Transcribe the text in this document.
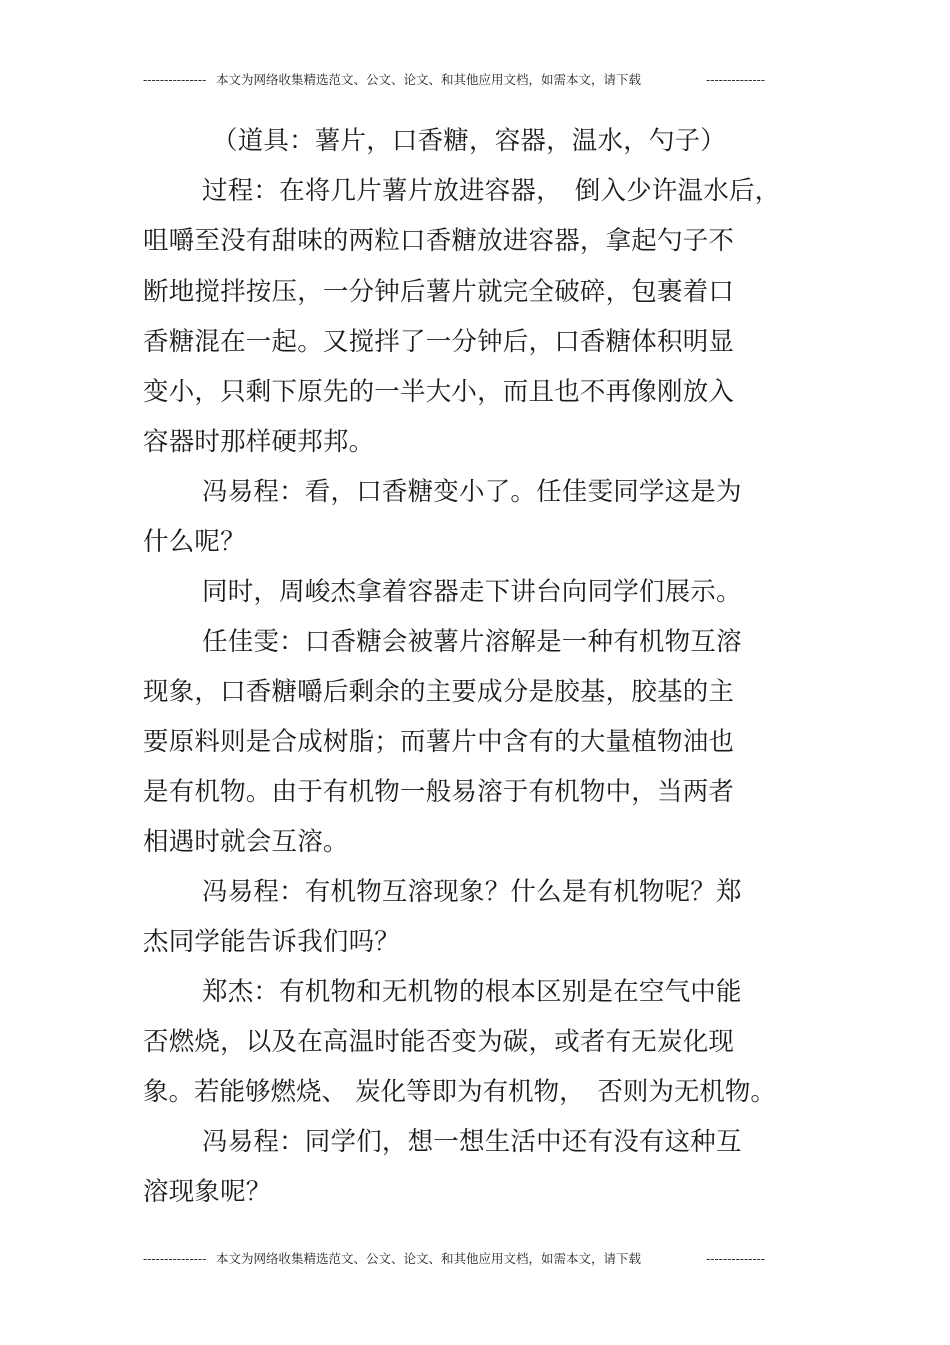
--------------- 本文为网络收集精选范文、公文、论文、和其他应用文档，如需本文，请下载	--------------
（道具：薯片，口香糖，容器，温水，勺子）
过程：在将几片薯片放进容器，　倒入少许温水后，
咀嚼至没有甜味的两粒口香糖放进容器，拿起勺子不
断地搅拌按压，一分钟后薯片就完全破碎，包裹着口
香糖混在一起。又搅拌了一分钟后，口香糖体积明显
变小，只剩下原先的一半大小，而且也不再像刚放入
容器时那样硬邦邦。
冯易程：看，口香糖变小了。任佳雯同学这是为
什么呢？
同时，周峻杰拿着容器走下讲台向同学们展示。
任佳雯：口香糖会被薯片溶解是一种有机物互溶
现象，口香糖嚼后剩余的主要成分是胶基，胶基的主
要原料则是合成树脂；而薯片中含有的大量植物油也
是有机物。由于有机物一般易溶于有机物中，当两者
相遇时就会互溶。
冯易程：有机物互溶现象？什么是有机物呢？郑
杰同学能告诉我们吗？
郑杰：有机物和无机物的根本区别是在空气中能
否燃烧，以及在高温时能否变为碳，或者有无炭化现
象。若能够燃烧、 炭化等即为有机物，　否则为无机物。
冯易程：同学们，想一想生活中还有没有这种互
溶现象呢？
--------------- 本文为网络收集精选范文、公文、论文、和其他应用文档，如需本文，请下载	--------------
